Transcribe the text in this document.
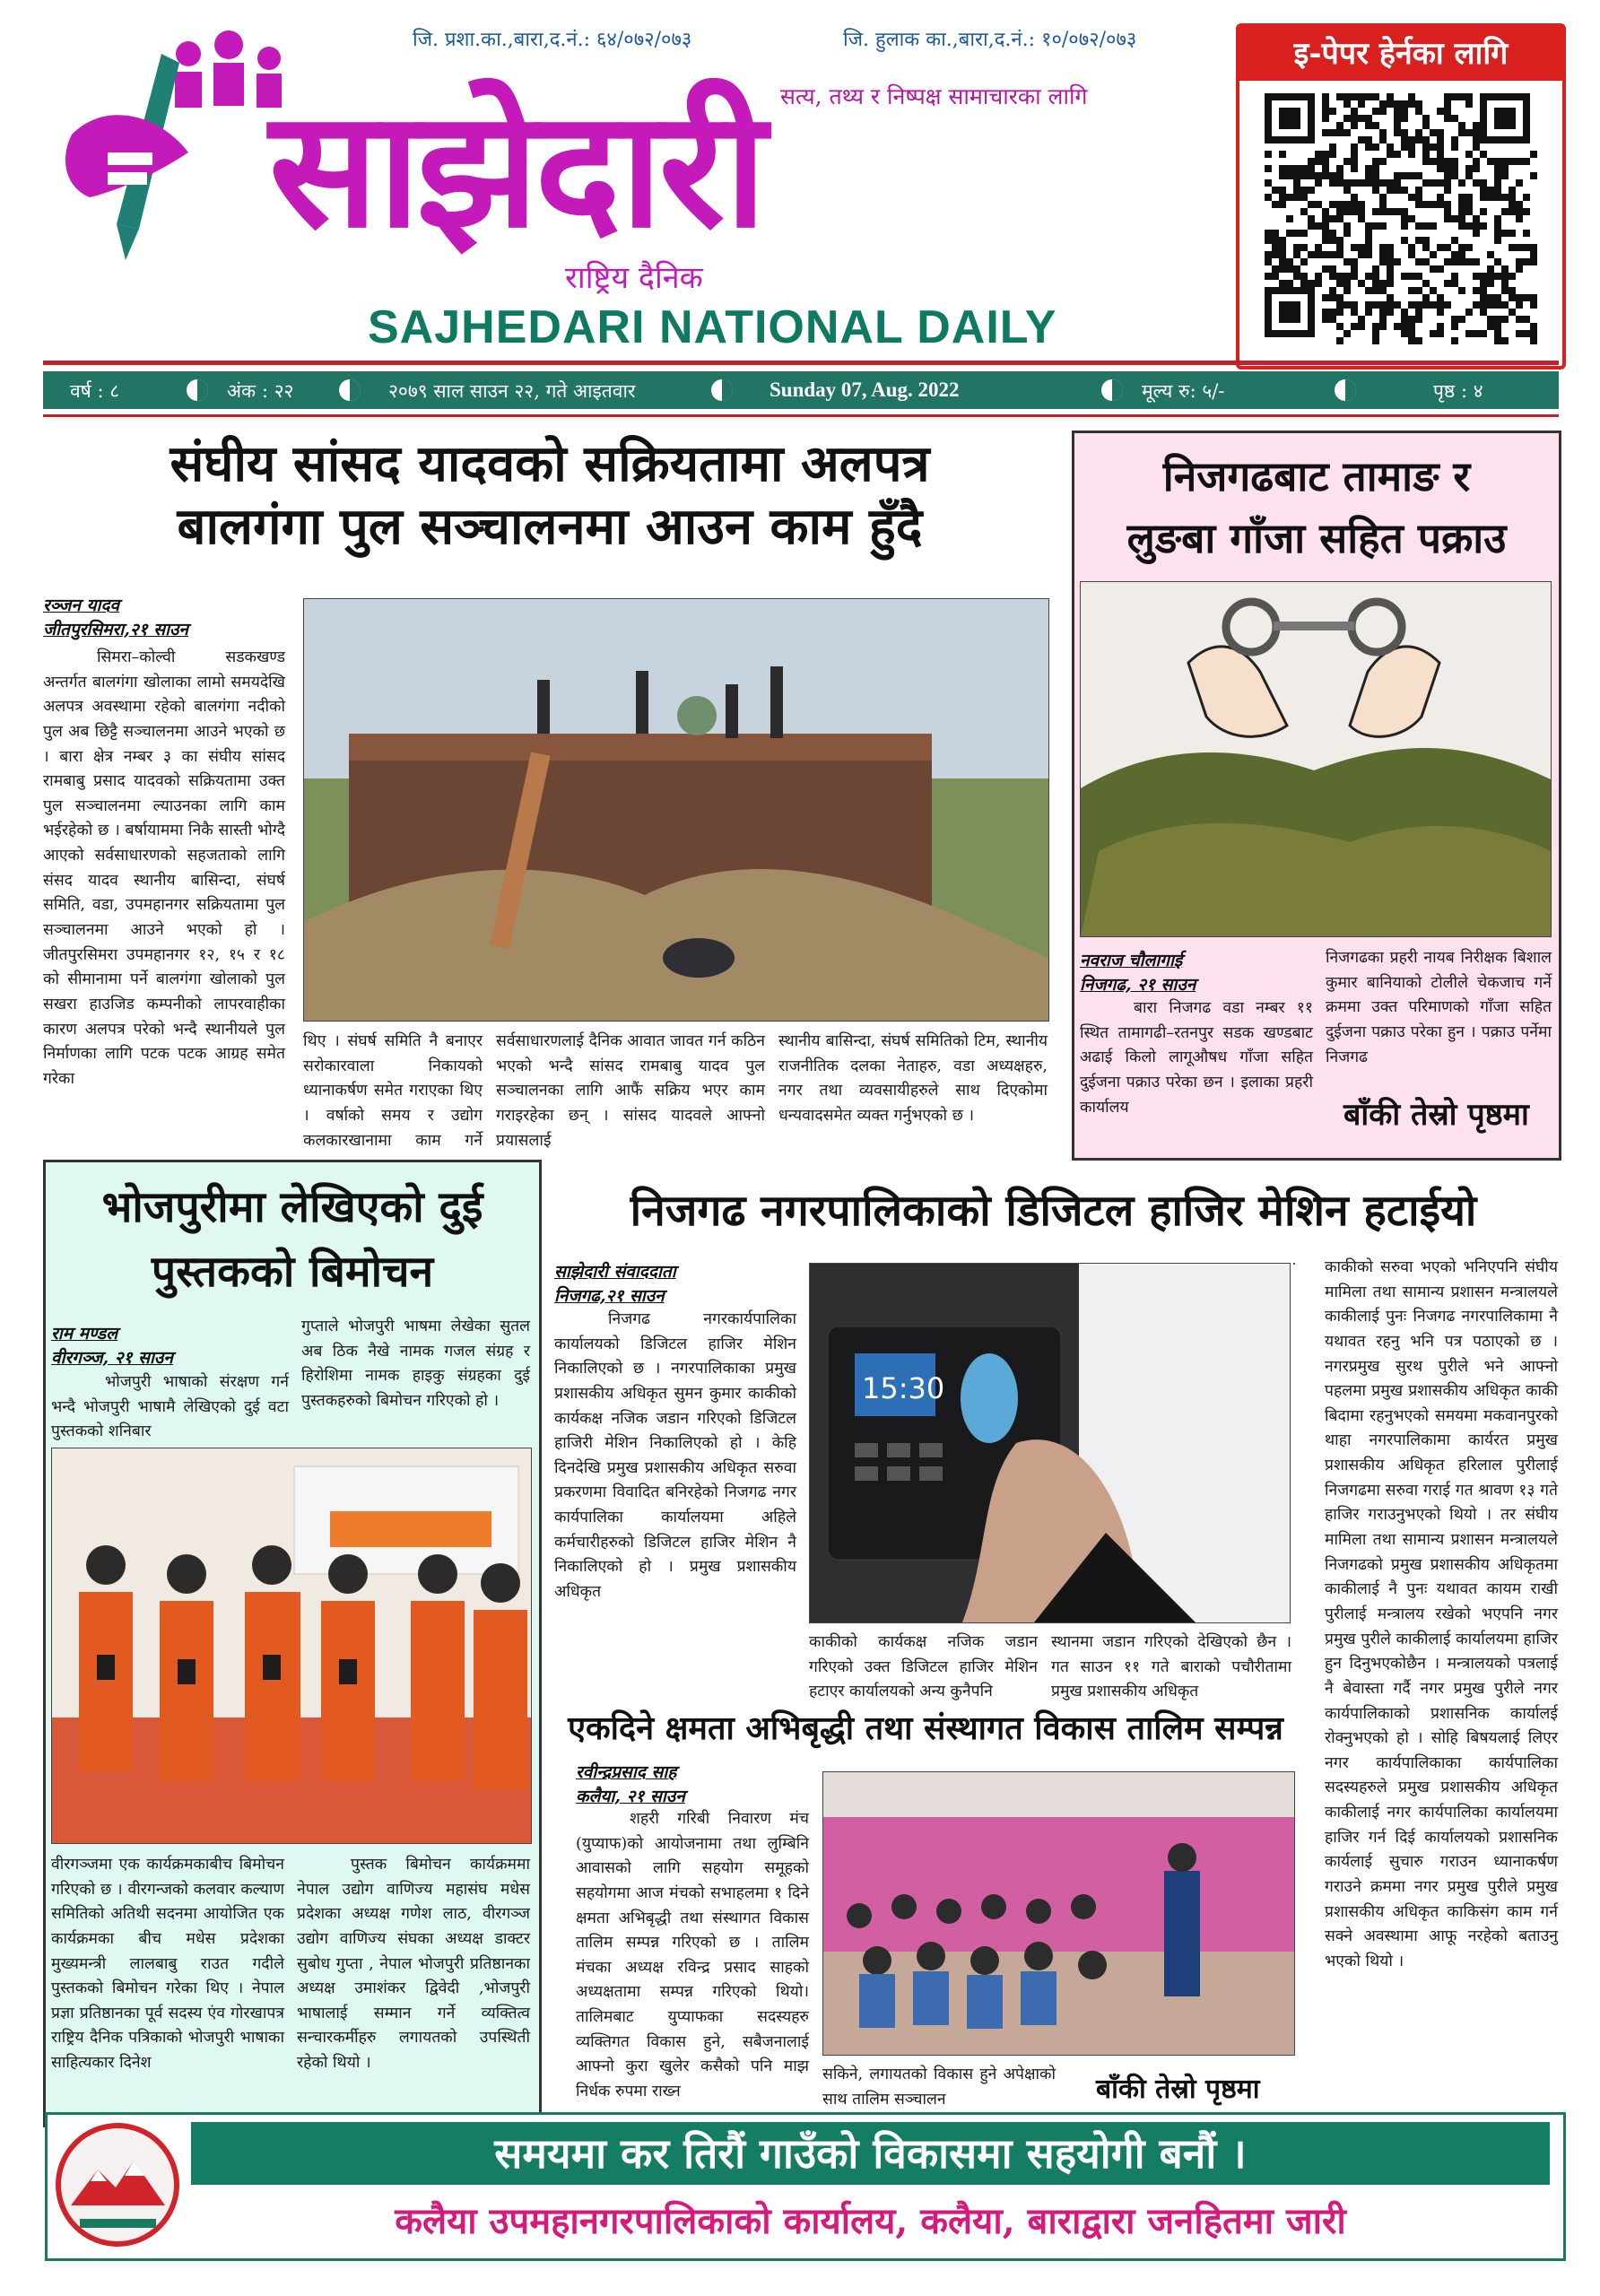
जि. प्रशा.का.,बारा,द.नं.: ६४/०७२/०७३	जि. हुलाक का.,बारा,द.नं.: १०/०७२/०७३
सत्य, तथ्य र निष्पक्ष सामाचारका लागि
साझेदारी
राष्ट्रिय दैनिक
SAJHEDARI NATIONAL DAILY
इ-पेपर हेर्नका लागि
वर्ष : ८	अंक : २२	२०७९ साल साउन २२, गते आइतवार	Sunday 07, Aug. 2022	मूल्य रु: ५/-	पृष्ठ : ४
संघीय सांसद यादवको सक्रियतामा अलपत्र
बालगंगा पुल सञ्चालनमा आउन काम हुँदै
रञ्जन यादव
जीतपुरसिमरा,२१ साउन
सिमरा–कोल्वी सडकखण्ड अन्तर्गत बालगंगा खोलाका लामो समयदेखि अलपत्र अवस्थामा रहेको बालगंगा नदीको पुल अब छिट्टै सञ्चालनमा आउने भएको छ । बारा क्षेत्र नम्बर ३ का संघीय सांसद रामबाबु प्रसाद यादवको सक्रियतामा उक्त पुल सञ्चालनमा ल्याउनका लागि काम भईरहेको छ । बर्षायाममा निकै सास्ती भोग्दै आएको सर्वसाधारणको सहजताको लागि संसद यादव स्थानीय बासिन्दा, संघर्ष समिति, वडा, उपमहानगर सक्रियतामा पुल सञ्चालनमा आउने भएको हो । जीतपुरसिमरा उपमहानगर १२, १५ र १८ को सीमानामा पर्ने बालगंगा खोलाको पुल सखरा हाउजिड कम्पनीको लापरवाहीका कारण अलपत्र परेको भन्दै स्थानीयले पुल निर्माणका लागि पटक पटक आग्रह समेत गरेका
थिए । संघर्ष समिति नै बनाएर सरोकारवाला निकायको ध्यानाकर्षण समेत गराएका थिए । वर्षाको समय र उद्योग कलकारखानामा काम गर्ने
सर्वसाधारणलाई दैनिक आवात जावत गर्न कठिन भएको भन्दै सांसद रामबाबु यादव पुल सञ्चालनका लागि आफैं सक्रिय भएर काम गराइरहेका छन् । सांसद यादवले आफ्नो प्रयासलाई
स्थानीय बासिन्दा, संघर्ष समितिको टिम, स्थानीय राजनीतिक दलका नेताहरु, वडा अध्यक्षहरु, नगर तथा व्यवसायीहरुले साथ दिएकोमा धन्यवादसमेत व्यक्त गर्नुभएको छ ।
निजगढबाट तामाङ र
लुङबा गाँजा सहित पक्राउ
नवराज चौलागाई
निजगढ, २१ साउन
बारा निजगढ वडा नम्बर ११ स्थित तामागढी–रतनपुर सडक खण्डबाट अढाई किलो लागूऔषध गाँजा सहित दुईजना पक्राउ परेका छन । इलाका प्रहरी कार्यालय
निजगढका प्रहरी नायब निरीक्षक बिशाल कुमार बानियाको टोलीले चेकजाच गर्ने क्रममा उक्त परिमाणको गाँजा सहित दुईजना पक्राउ परेका हुन । पक्राउ पर्नेमा निजगढ
बाँकी तेस्रो पृष्ठमा
भोजपुरीमा लेखिएको दुई
पुस्तकको बिमोचन
राम मण्डल
वीरगञ्ज, २१ साउन
भोजपुरी भाषाको संरक्षण गर्न भन्दै भोजपुरी भाषामै लेखिएको दुई वटा पुस्तकको शनिबार
गुप्ताले भोजपुरी भाषमा लेखेका सुतल अब ठिक नैखे नामक गजल संग्रह र हिरोशिमा नामक हाइकु संग्रहका दुई पुस्तकहरुको बिमोचन गरिएको हो ।
वीरगञ्जमा एक कार्यक्रमकाबीच बिमोचन गरिएको छ । वीरगन्जको कलवार कल्याण समितिको अतिथी सदनमा आयोजित एक कार्यक्रमका बीच मधेस प्रदेशका मुख्यमन्त्री लालबाबु राउत गदीले पुस्तकको बिमोचन गरेका थिए । नेपाल प्रज्ञा प्रतिष्ठानका पूर्व सदस्य एंव गोरखापत्र राष्ट्रिय दैनिक पत्रिकाको भोजपुरी भाषाका साहित्यकार दिनेश
पुस्तक बिमोचन कार्यक्रममा नेपाल उद्योग वाणिज्य महासंघ मधेस प्रदेशका अध्यक्ष गणेश लाठ, वीरगञ्ज उद्योग वाणिज्य संघका अध्यक्ष डाक्टर सुबोध गुप्ता , नेपाल भोजपुरी प्रतिष्ठानका अध्यक्ष उमाशंकर द्विवेदी ,भोजपुरी भाषालाई सम्मान गर्ने व्यक्तित्व सन्चारकर्मीहरु लगायतको उपस्थिती रहेको थियो ।
निजगढ नगरपालिकाको डिजिटल हाजिर मेशिन हटाईयो
साझेदारी संवाददाता
निजगढ,२१ साउन
निजगढ नगरकार्यपालिका कार्यालयको डिजिटल हाजिर मेशिन निकालिएको छ । नगरपालिकाका प्रमुख प्रशासकीय अधिकृत सुमन कुमार काकीको कार्यकक्ष नजिक जडान गरिएको डिजिटल हाजिरी मेशिन निकालिएको हो । केहि दिनदेखि प्रमुख प्रशासकीय अधिकृत सरुवा प्रकरणमा विवादित बनिरहेको निजगढ नगर कार्यपालिका कार्यालयमा अहिले कर्मचारीहरुको डिजिटल हाजिर मेशिन नै निकालिएको हो । प्रमुख प्रशासकीय अधिकृत
15:30
काकीको कार्यकक्ष नजिक जडान गरिएको उक्त डिजिटल हाजिर मेशिन हटाएर कार्यालयको अन्य कुनैपनि
स्थानमा जडान गरिएको देखिएको छैन । गत साउन ११ गते बाराको पचौरीतामा प्रमुख प्रशासकीय अधिकृत
काकीको सरुवा भएको भनिएपनि संघीय मामिला तथा सामान्य प्रशासन मन्त्रालयले काकीलाई पुनः निजगढ नगरपालिकामा नै यथावत रहनु भनि पत्र पठाएको छ । नगरप्रमुख सुरथ पुरीले भने आफ्नो पहलमा प्रमुख प्रशासकीय अधिकृत काकी बिदामा रहनुभएको समयमा मकवानपुरको थाहा नगरपालिकामा कार्यरत प्रमुख प्रशासकीय अधिकृत हरिलाल पुरीलाई निजगढमा सरुवा गराई गत श्रावण १३ गते हाजिर गराउनुभएको थियो । तर संघीय मामिला तथा सामान्य प्रशासन मन्त्रालयले निजगढको प्रमुख प्रशासकीय अधिकृतमा काकीलाई नै पुनः यथावत कायम राखी पुरीलाई मन्त्रालय रखेको भएपनि नगर प्रमुख पुरीले काकीलाई कार्यालयमा हाजिर हुन दिनुभएकोछैन । मन्त्रालयको पत्रलाई नै बेवास्ता गर्दै नगर प्रमुख पुरीले नगर कार्यपालिकाको प्रशासनिक कार्यालई रोक्नुभएको हो । सोहि बिषयलाई लिएर नगर कार्यपालिकाका कार्यपालिका सदस्यहरुले प्रमुख प्रशासकीय अधिकृत काकीलाई नगर कार्यपालिका कार्यालयमा हाजिर गर्न दिई कार्यालयको प्रशासनिक कार्यलाई सुचारु गराउन ध्यानाकर्षण गराउने क्रममा नगर प्रमुख पुरीले प्रमुख प्रशासकीय अधिकृत काकिसंग काम गर्न सक्ने अवस्थामा आफू नरहेको बताउनु भएको थियो ।
एकदिने क्षमता अभिबृद्धी तथा संस्थागत विकास तालिम सम्पन्न
रवीन्द्रप्रसाद साह
कलैया, २१ साउन
शहरी गरिबी निवारण मंच (युप्याफ)को आयोजनामा तथा लुम्बिनि आवासको लागि सहयोग समूहको सहयोगमा आज मंचको सभाहलमा १ दिने क्षमता अभिबृद्धी तथा संस्थागत विकास तालिम सम्पन्न गरिएको छ । तालिम मंचका अध्यक्ष रविन्द्र प्रसाद साहको अध्यक्षतामा सम्पन्न गरिएको थियो। तालिमबाट युप्याफका सदस्यहरु व्यक्तिगत विकास हुने, सबैजनालाई आफ्नो कुरा खुलेर कसैको पनि माझ निर्धक रुपमा राख्न
सकिने, लगायतको विकास हुने अपेक्षाको साथ तालिम सञ्चालन	बाँकी तेस्रो पृष्ठमा
समयमा कर तिरौं गाउँको विकासमा सहयोगी बनौं ।
कलैया उपमहानगरपालिकाको कार्यालय, कलैया, बाराद्वारा जनहितमा जारी
